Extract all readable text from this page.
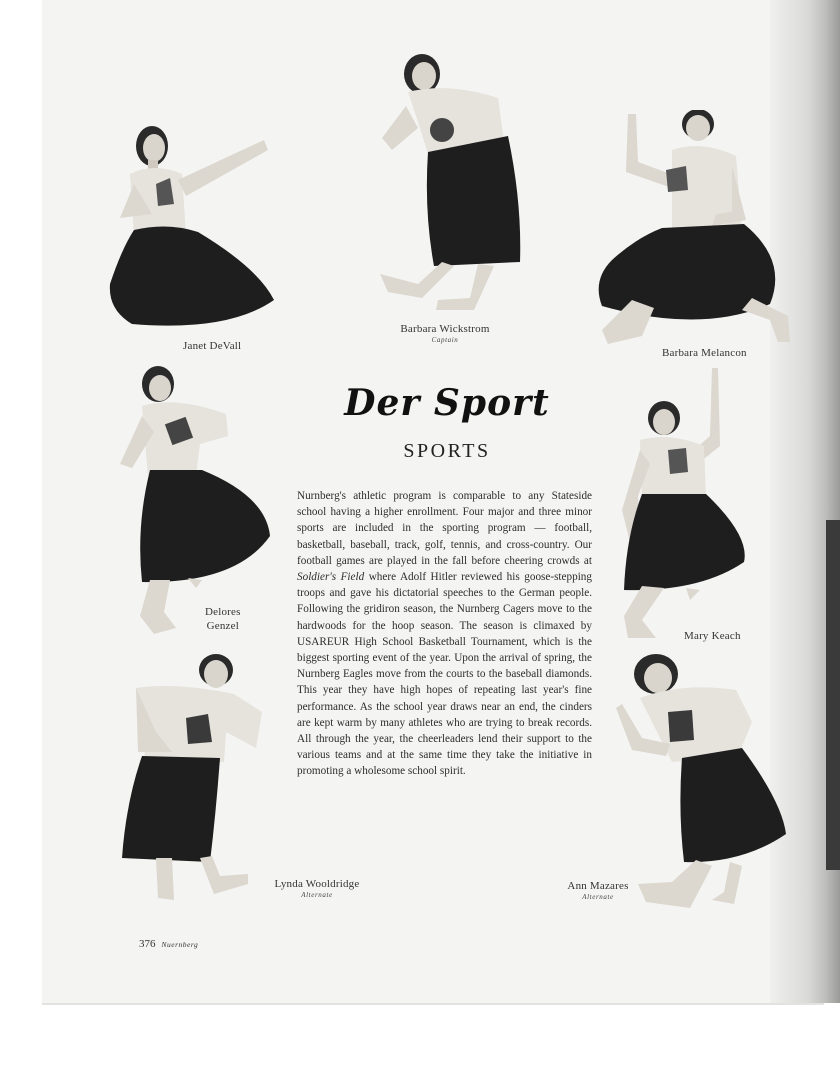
Janet DeVall
Barbara Wickstrom
Captain
Barbara Melancon
Delores
Genzel
Mary Keach
Lynda Wooldridge
Alternate
Ann Mazares
Alternate
Der Sport
SPORTS
Nurnberg's athletic program is comparable to any Stateside school having a higher enrollment. Four major and three minor sports are included in the sporting program — football, basketball, baseball, track, golf, tennis, and cross-country. Our football games are played in the fall before cheering crowds at Soldier's Field where Adolf Hitler reviewed his goose-stepping troops and gave his dictatorial speeches to the German people. Following the gridiron season, the Nurnberg Cagers move to the hardwoods for the hoop season. The season is climaxed by USAREUR High School Basketball Tournament, which is the biggest sporting event of the year. Upon the arrival of spring, the Nurnberg Eagles move from the courts to the baseball diamonds. This year they have high hopes of repeating last year's fine performance. As the school year draws near an end, the cinders are kept warm by many athletes who are trying to break records. All through the year, the cheerleaders lend their support to the various teams and at the same time they take the initiative in promoting a wholesome school spirit.
376 Nuernberg
